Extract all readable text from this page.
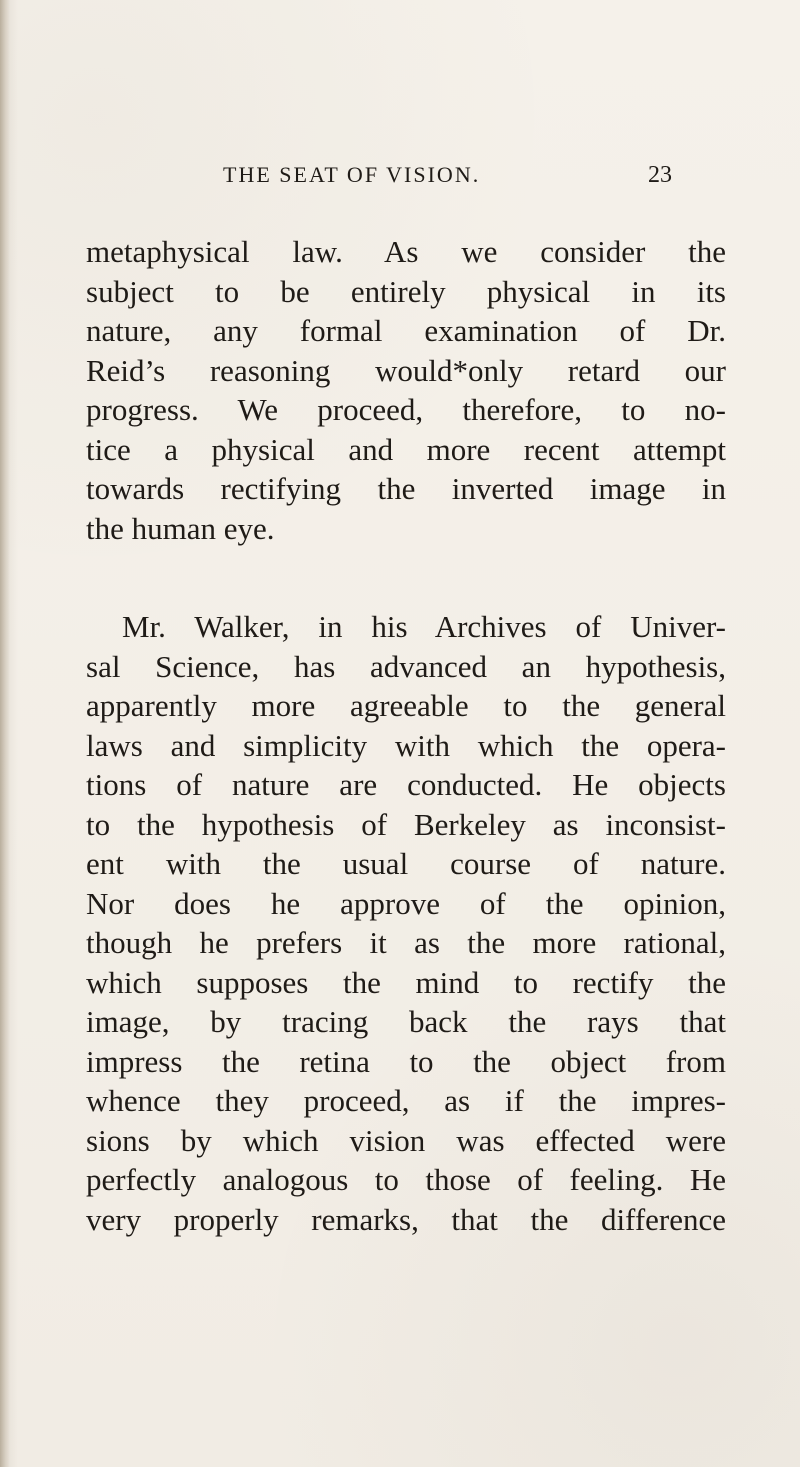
THE SEAT OF VISION.	23
metaphysical law. As we consider the
subject to be entirely physical in its
nature, any formal examination of Dr.
Reid’s reasoning would*only retard our
progress. We proceed, therefore, to no-
tice a physical and more recent attempt
towards rectifying the inverted image in
the human eye.
Mr. Walker, in his Archives of Univer-
sal Science, has advanced an hypothesis,
apparently more agreeable to the general
laws and simplicity with which the opera-
tions of nature are conducted. He objects
to the hypothesis of Berkeley as inconsist-
ent with the usual course of nature.
Nor does he approve of the opinion,
though he prefers it as the more rational,
which supposes the mind to rectify the
image, by tracing back the rays that
impress the retina to the object from
whence they proceed, as if the impres-
sions by which vision was effected were
perfectly analogous to those of feeling. He
very properly remarks, that the difference
